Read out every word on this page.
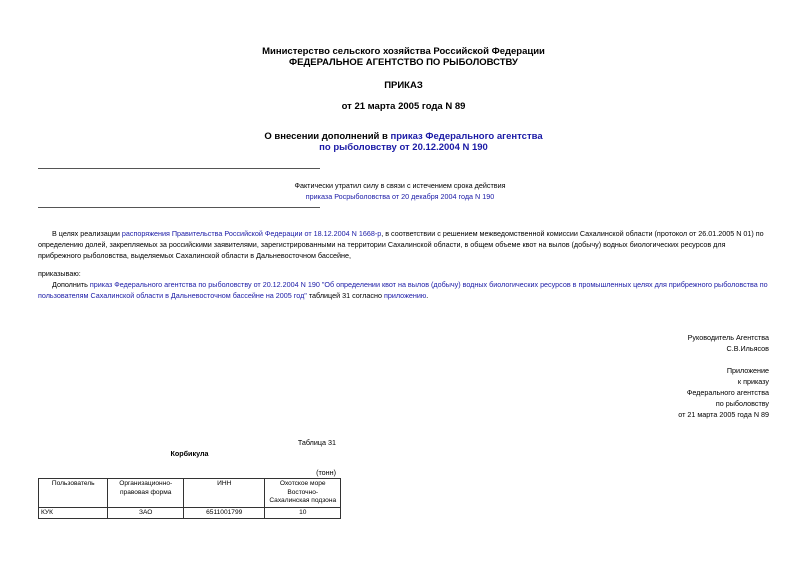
Министерство сельского хозяйства Российской Федерации
ФЕДЕРАЛЬНОЕ АГЕНТСТВО ПО РЫБОЛОВСТВУ
ПРИКАЗ
от 21 марта 2005 года N 89
О внесении дополнений в приказ Федерального агентства
по рыболовству от 20.12.2004 N 190
Фактически утратил силу в связи с истечением срока действия
приказа Росрыболовства от 20 декабря 2004 года N 190
В целях реализации распоряжения Правительства Российской Федерации от 18.12.2004 N 1668-р, в соответствии с решением межведомственной комиссии Сахалинской области (протокол от 26.01.2005 N 01) по определению долей, закрепляемых за российскими заявителями, зарегистрированными на территории Сахалинской области, в общем объеме квот на вылов (добычу) водных биологических ресурсов для прибрежного рыболовства, выделяемых Сахалинской области в Дальневосточном бассейне,
приказываю:
Дополнить приказ Федерального агентства по рыболовству от 20.12.2004 N 190 "Об определении квот на вылов (добычу) водных биологических ресурсов в промышленных целях для прибрежного рыболовства по пользователям Сахалинской области в Дальневосточном бассейне на 2005 год" таблицей 31 согласно приложению.
Руководитель Агентства
С.В.Ильясов
Приложение
к приказу
Федерального агентства
по рыболовству
от 21 марта 2005 года N 89
Таблица 31
Корбикула
(тонн)
Пользователь	Организационно-правовая форма	ИНН	Охотское море Восточно-Сахалинская подзона
КУК	ЗАО	6511001799	10
